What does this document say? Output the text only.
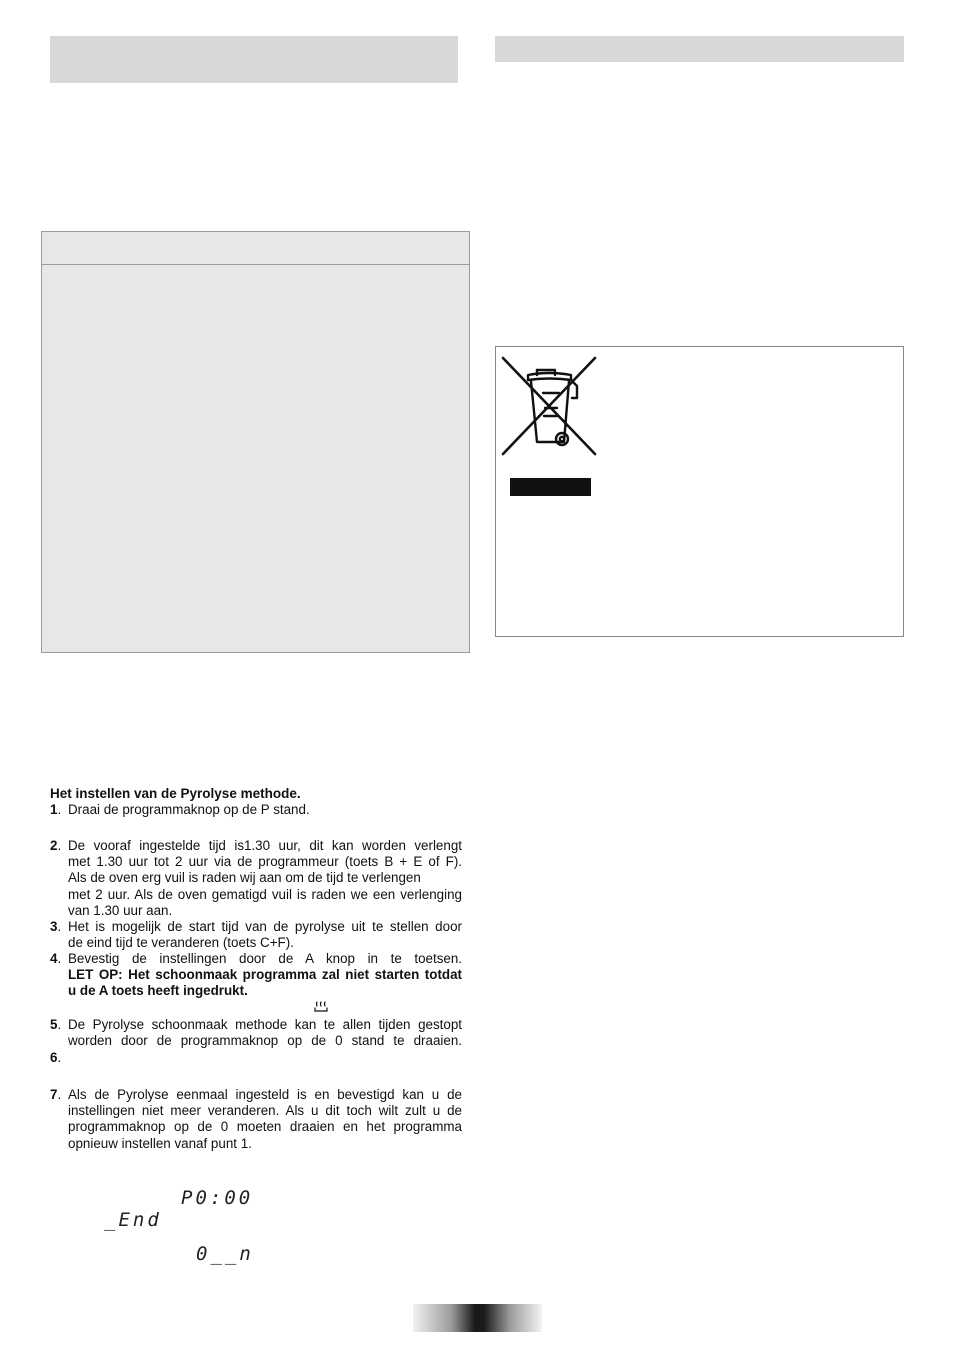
Het instellen van de Pyrolyse methode.
1. Draai de programmaknop op de P stand.
2. De vooraf ingestelde tijd is1.30 uur, dit kan worden verlengt
met 1.30 uur tot 2 uur via de programmeur (toets B + E of F).
Als de oven erg vuil is raden wij aan om de tijd te verlengen
met 2 uur. Als de oven gematigd vuil is raden we een verlenging
van 1.30 uur aan.
3. Het is mogelijk de start tijd van de pyrolyse uit te stellen door
de eind tijd te veranderen (toets C+F).
4. Bevestig de instellingen door de A knop in te toetsen.
LET OP: Het schoonmaak programma zal niet starten totdat
u de A toets heeft ingedrukt.
5. De Pyrolyse schoonmaak methode kan te allen tijden gestopt
worden door de programmaknop op de 0 stand te draaien.
6.
7. Als de Pyrolyse eenmaal ingesteld is en bevestigd kan u de
instellingen niet meer veranderen. Als u dit toch wilt zult u de
programmaknop op de 0 moeten draaien en het programma
opnieuw instellen vanaf punt 1.
P0:00
_End
0__n
